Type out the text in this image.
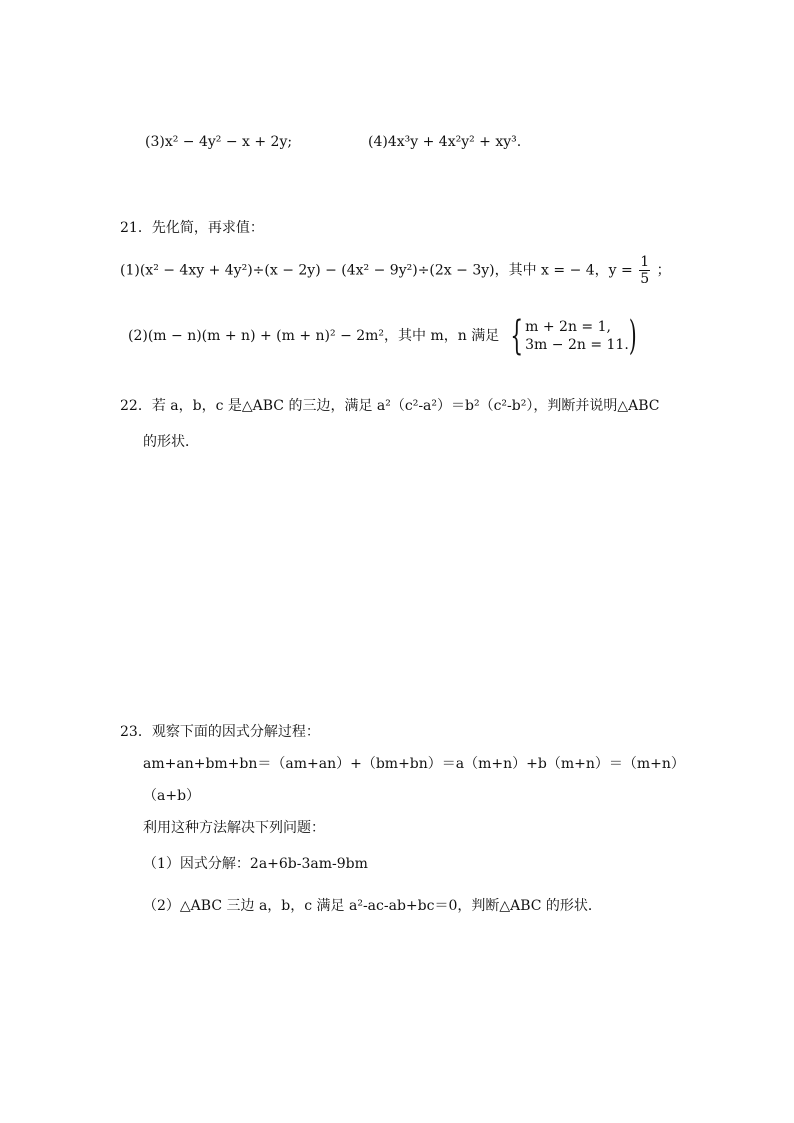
(3)x² − 4y² − x + 2y;	(4)4x³y + 4x²y² + xy³.
21．先化简，再求值：
(1)(x² − 4xy + 4y²)÷(x − 2y) − (4x² − 9y²)÷(2x − 3y)，其中 x = − 4，$y = \frac{1}{5}$ ；
(2)(m − n)(m + n) + (m + n)² − 2m²，其中 m，n 满足 { m + 2n = 1,
3m − 2n = 11. )
22．若 a，b，c 是△ABC 的三边，满足 a²（c²-a²）＝b²（c²-b²），判断并说明△ABC
的形状．
23．观察下面的因式分解过程：
am+an+bm+bn＝（am+an）+（bm+bn）＝a（m+n）+b（m+n）＝（m+n）
（a+b）
利用这种方法解决下列问题：
（1）因式分解：2a+6b-3am-9bm
（2）△ABC 三边 a，b，c 满足 a²-ac-ab+bc＝0，判断△ABC 的形状．
